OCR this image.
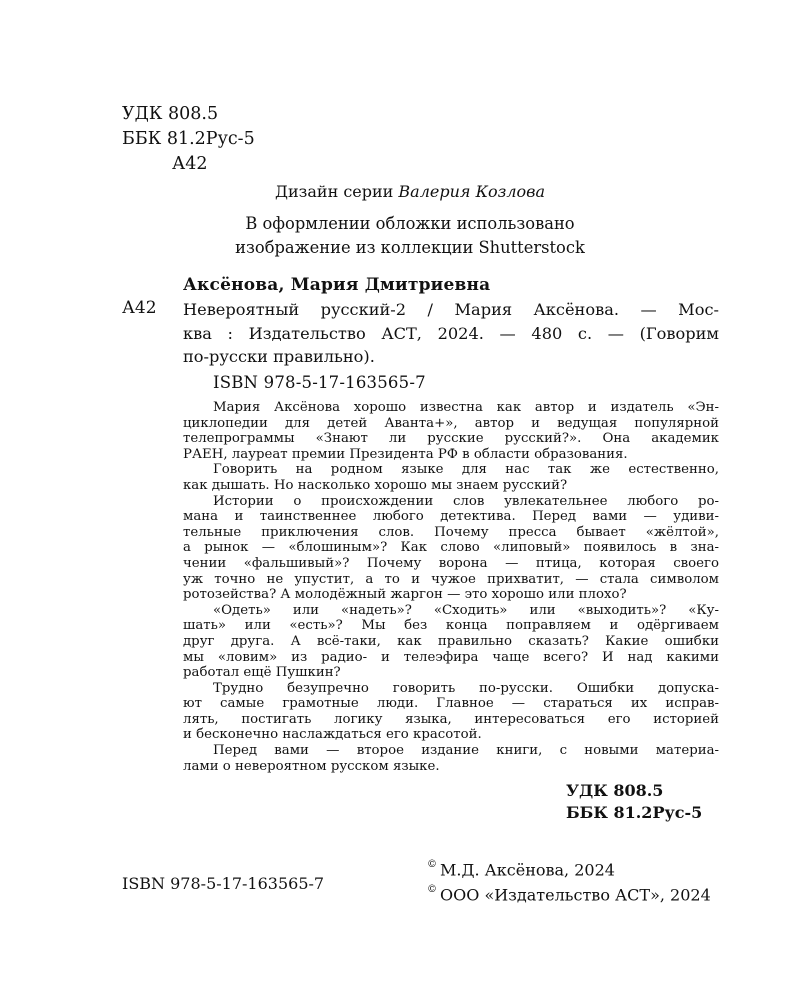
УДК 808.5
ББК 81.2Рус-5
А42
Дизайн серии Валерия Козлова
В оформлении обложки использовано
изображение из коллекции Shutterstock
Аксёнова, Мария Дмитриевна
А42 Невероятный русский-2 / Мария Аксёнова. — Мос-
ква : Издательство АСТ, 2024. — 480 с. — (Говорим
по-русски правильно).
ISBN 978-5-17-163565-7
Мария Аксёнова хорошо известна как автор и издатель «Эн-
циклопедии для детей Аванта+», автор и ведущая популярной
телепрограммы «Знают ли русские русский?». Она академик
РАЕН, лауреат премии Президента РФ в области образования.
Говорить на родном языке для нас так же естественно,
как дышать. Но насколько хорошо мы знаем русский?
Истории о происхождении слов увлекательнее любого ро-
мана и таинственнее любого детектива. Перед вами — удиви-
тельные приключения слов. Почему пресса бывает «жёлтой»,
а рынок — «блошиным»? Как слово «липовый» появилось в зна-
чении «фальшивый»? Почему ворона — птица, которая своего
уж точно не упустит, а то и чужое прихватит, — стала символом
ротозейства? А молодёжный жаргон — это хорошо или плохо?
«Одеть» или «надеть»? «Сходить» или «выходить»? «Ку-
шать» или «есть»? Мы без конца поправляем и одёргиваем
друг друга. А всё-таки, как правильно сказать? Какие ошибки
мы «ловим» из радио- и телеэфира чаще всего? И над какими
работал ещё Пушкин?
Трудно безупречно говорить по-русски. Ошибки допуска-
ют самые грамотные люди. Главное — стараться их исправ-
лять, постигать логику языка, интересоваться его историей
и бесконечно наслаждаться его красотой.
Перед вами — второе издание книги, с новыми материа-
лами о невероятном русском языке.
УДК 808.5
ББК 81.2Рус-5
© М.Д. Аксёнова, 2024
© ООО «Издательство АСТ», 2024
ISBN 978-5-17-163565-7
